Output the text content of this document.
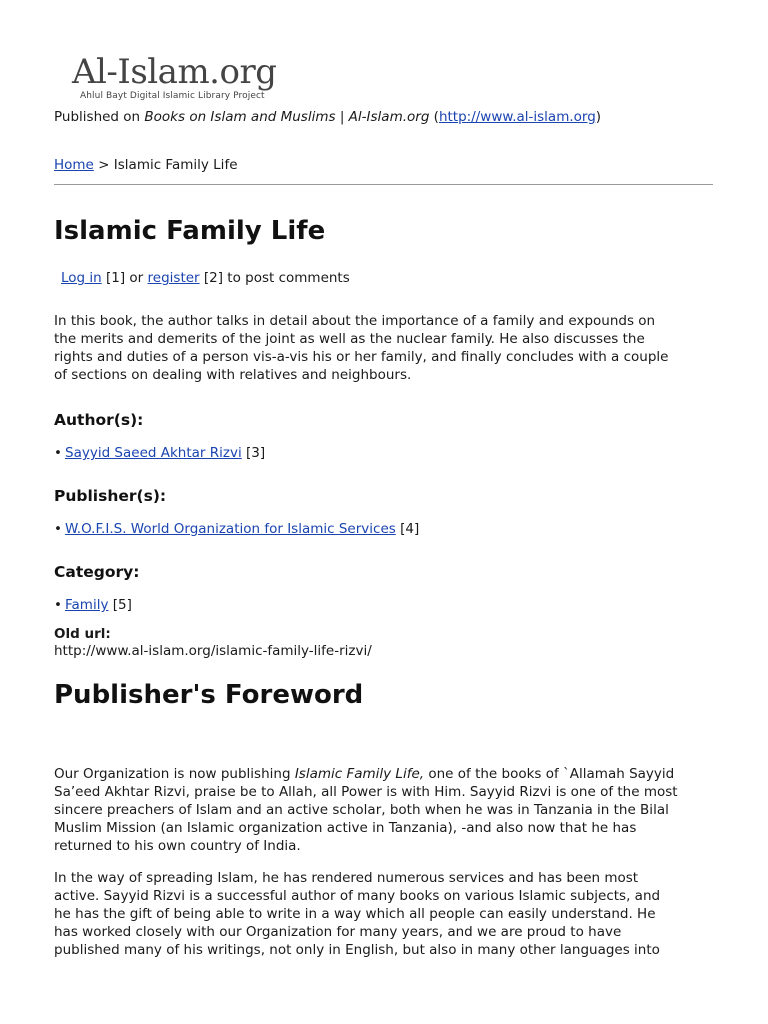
Al-Islam.org
Ahlul Bayt Digital Islamic Library Project
Published on Books on Islam and Muslims | Al-Islam.org (http://www.al-islam.org)
Home > Islamic Family Life
Islamic Family Life
Log in [1] or register [2] to post comments

In this book, the author talks in detail about the importance of a family and expounds on
the merits and demerits of the joint as well as the nuclear family. He also discusses the
rights and duties of a person vis-a-vis his or her family, and finally concludes with a couple
of sections on dealing with relatives and neighbours.

Author(s):
• Sayyid Saeed Akhtar Rizvi [3]
Publisher(s):
• W.O.F.I.S. World Organization for Islamic Services [4]
Category:
• Family [5]
Old url:
http://www.al-islam.org/islamic-family-life-rizvi/
Publisher's Foreword

Our Organization is now publishing Islamic Family Life, one of the books of `Allamah Sayyid
Sa’eed Akhtar Rizvi, praise be to Allah, all Power is with Him. Sayyid Rizvi is one of the most
sincere preachers of Islam and an active scholar, both when he was in Tanzania in the Bilal
Muslim Mission (an Islamic organization active in Tanzania), -and also now that he has
returned to his own country of India.

In the way of spreading Islam, he has rendered numerous services and has been most
active. Sayyid Rizvi is a successful author of many books on various Islamic subjects, and
he has the gift of being able to write in a way which all people can easily understand. He
has worked closely with our Organization for many years, and we are proud to have
published many of his writings, not only in English, but also in many other languages into
